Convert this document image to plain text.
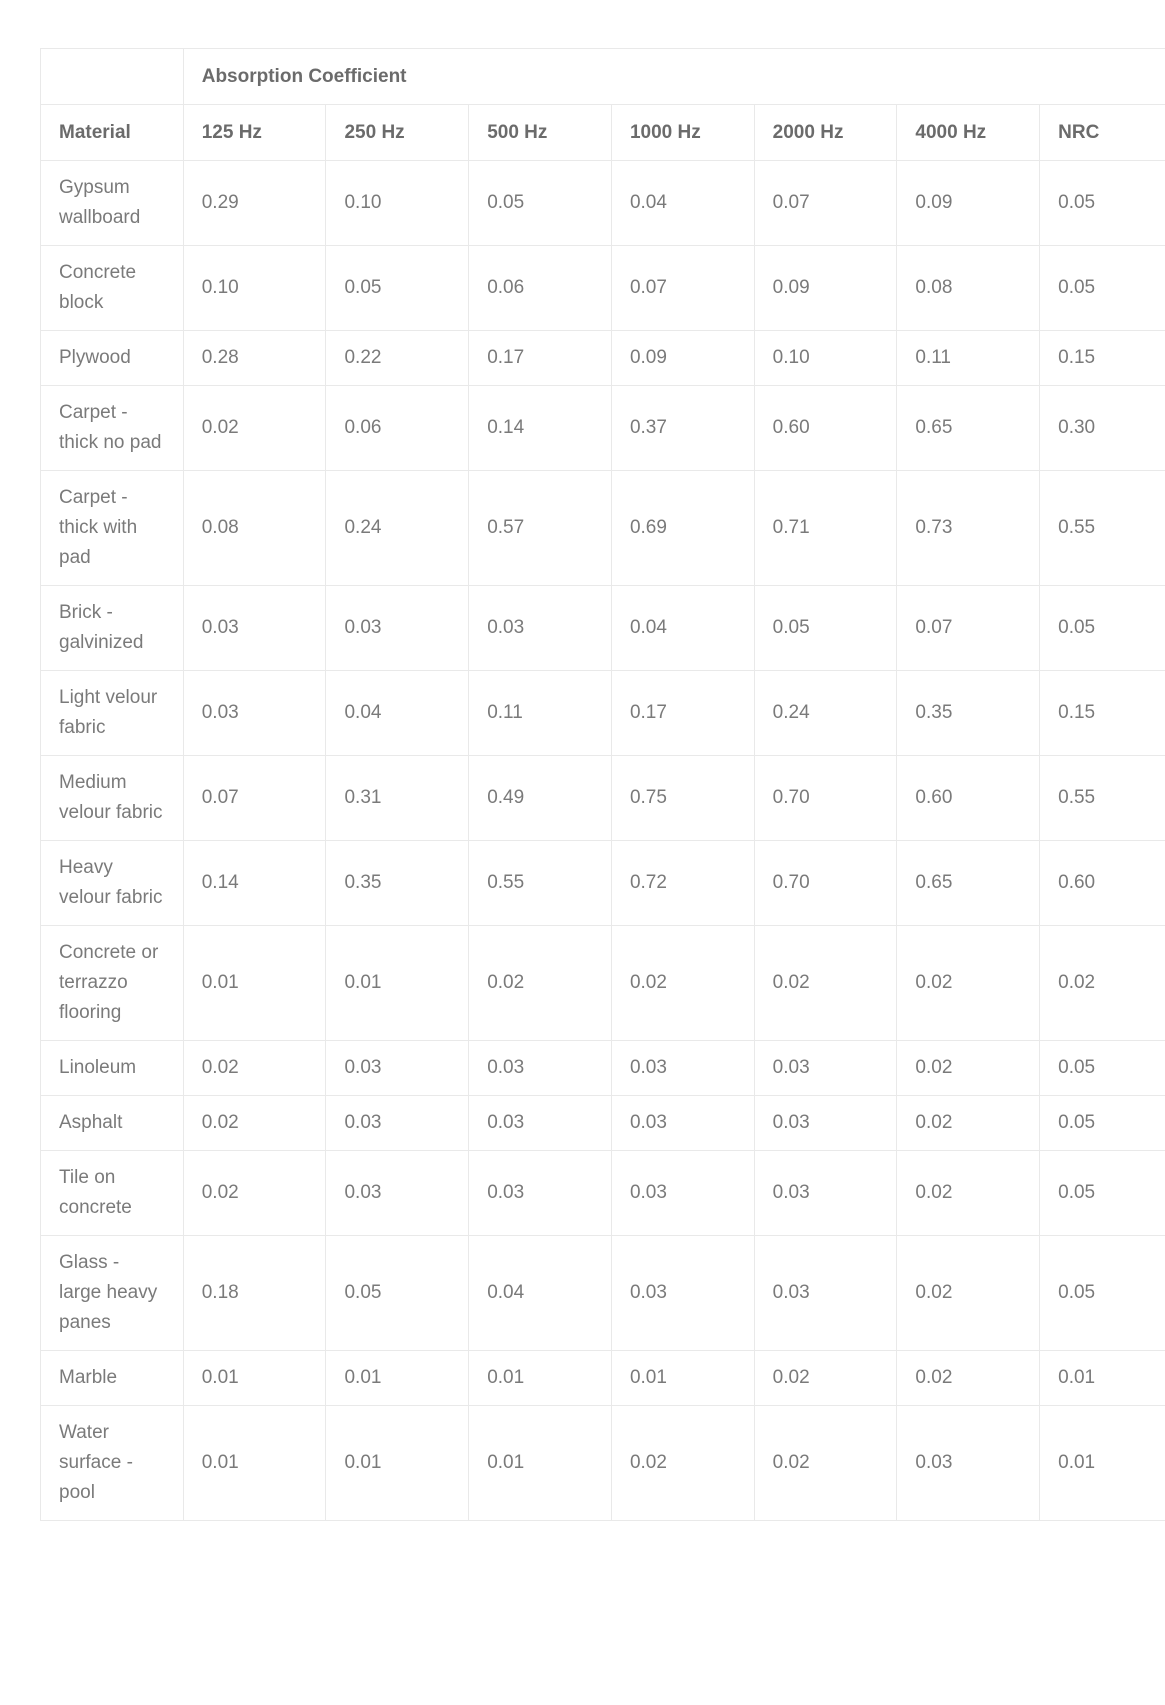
	Absorption Coefficient						
Material	125 Hz	250 Hz	500 Hz	1000 Hz	2000 Hz	4000 Hz	NRC
Gypsum wallboard	0.29	0.10	0.05	0.04	0.07	0.09	0.05
Concrete block	0.10	0.05	0.06	0.07	0.09	0.08	0.05
Plywood	0.28	0.22	0.17	0.09	0.10	0.11	0.15
Carpet - thick no pad	0.02	0.06	0.14	0.37	0.60	0.65	0.30
Carpet - thick with pad	0.08	0.24	0.57	0.69	0.71	0.73	0.55
Brick - galvinized	0.03	0.03	0.03	0.04	0.05	0.07	0.05
Light velour fabric	0.03	0.04	0.11	0.17	0.24	0.35	0.15
Medium velour fabric	0.07	0.31	0.49	0.75	0.70	0.60	0.55
Heavy velour fabric	0.14	0.35	0.55	0.72	0.70	0.65	0.60
Concrete or terrazzo flooring	0.01	0.01	0.02	0.02	0.02	0.02	0.02
Linoleum	0.02	0.03	0.03	0.03	0.03	0.02	0.05
Asphalt	0.02	0.03	0.03	0.03	0.03	0.02	0.05
Tile on concrete	0.02	0.03	0.03	0.03	0.03	0.02	0.05
Glass - large heavy panes	0.18	0.05	0.04	0.03	0.03	0.02	0.05
Marble	0.01	0.01	0.01	0.01	0.02	0.02	0.01
Water surface - pool	0.01	0.01	0.01	0.02	0.02	0.03	0.01
